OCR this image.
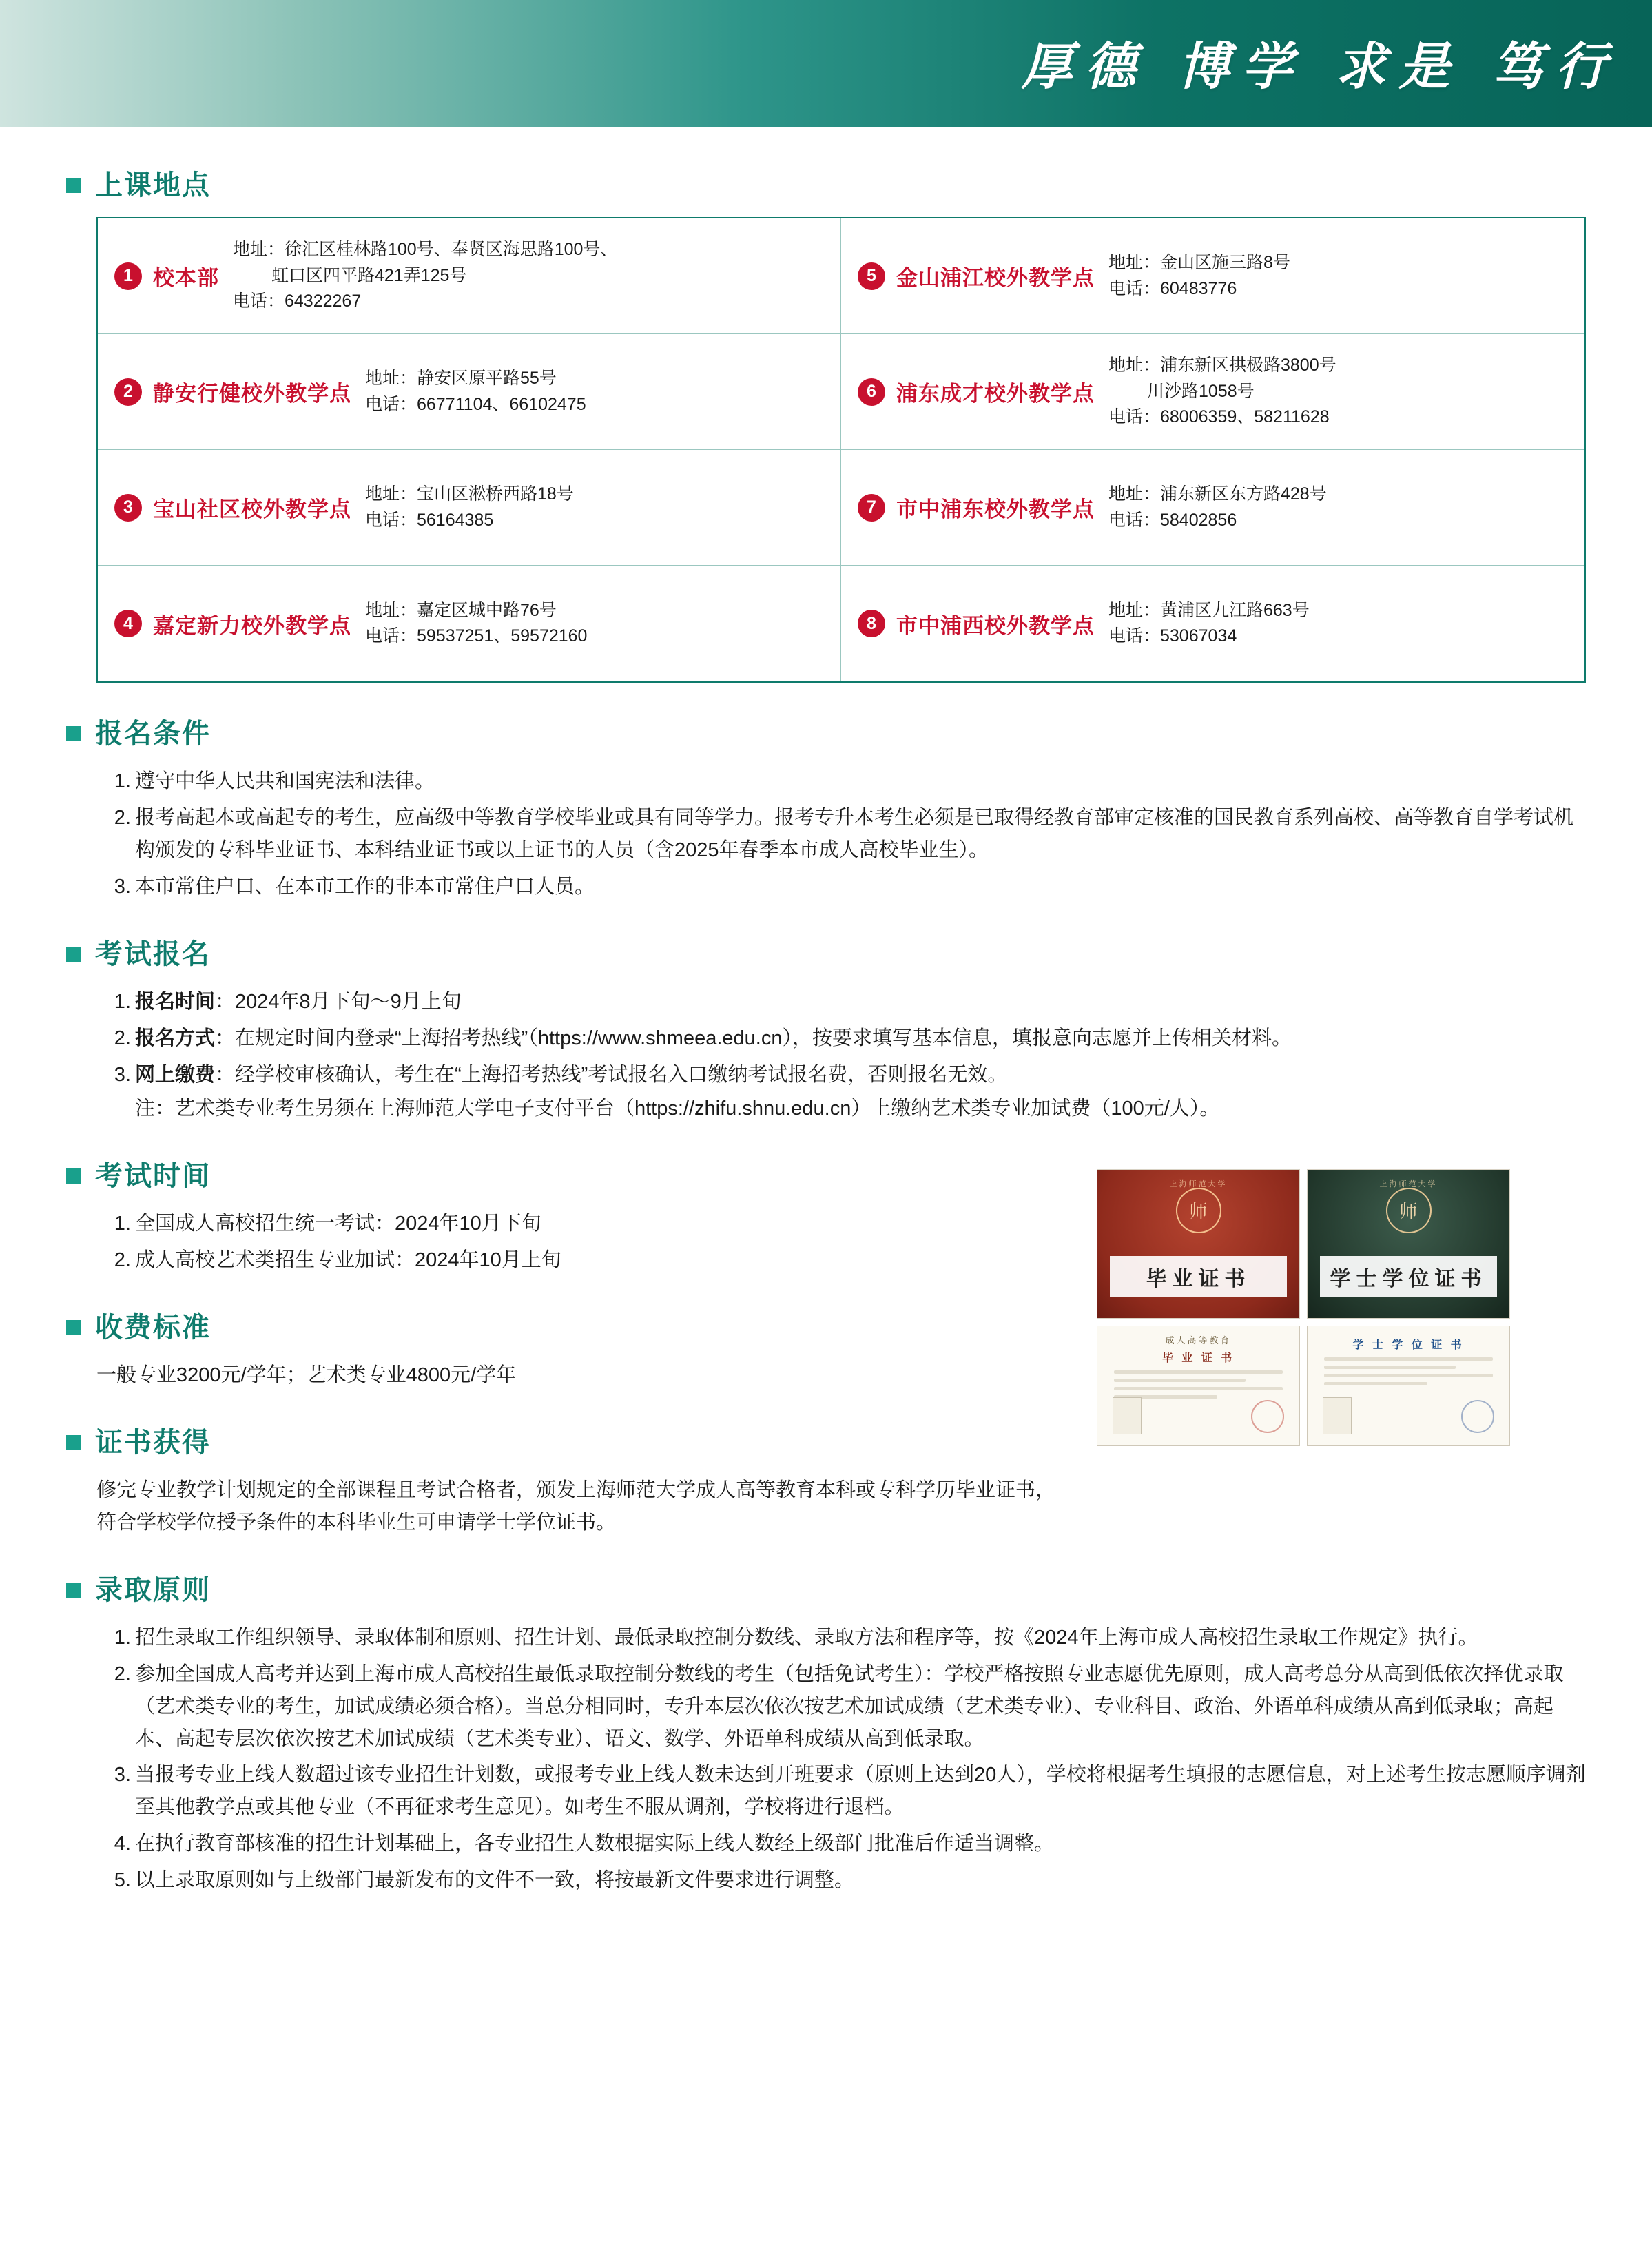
厚德 博学 求是 笃行
上课地点
1 校本部
地址：徐汇区桂林路100号、奉贤区海思路100号、
虹口区四平路421弄125号
电话：64322267
5 金山浦江校外教学点
地址：金山区施三路8号
电话：60483776
2 静安行健校外教学点
地址：静安区原平路55号
电话：66771104、66102475
6 浦东成才校外教学点
地址：浦东新区拱极路3800号
川沙路1058号
电话：68006359、58211628
3 宝山社区校外教学点
地址：宝山区淞桥西路18号
电话：56164385
7 市中浦东校外教学点
地址：浦东新区东方路428号
电话：58402856
4 嘉定新力校外教学点
地址：嘉定区城中路76号
电话：59537251、59572160
8 市中浦西校外教学点
地址：黄浦区九江路663号
电话：53067034
报名条件
遵守中华人民共和国宪法和法律。
报考高起本或高起专的考生，应高级中等教育学校毕业或具有同等学力。报考专升本考生必须是已取得经教育部审定核准的国民教育系列高校、高等教育自学考试机构颁发的专科毕业证书、本科结业证书或以上证书的人员（含2025年春季本市成人高校毕业生）。
本市常住户口、在本市工作的非本市常住户口人员。
考试报名
报名时间：2024年8月下旬～9月上旬
报名方式：在规定时间内登录“上海招考热线”（https://www.shmeea.edu.cn），按要求填写基本信息，填报意向志愿并上传相关材料。
网上缴费：经学校审核确认，考生在“上海招考热线”考试报名入口缴纳考试报名费，否则报名无效。
注：艺术类专业考生另须在上海师范大学电子支付平台（https://zhifu.shnu.edu.cn）上缴纳艺术类专业加试费（100元/人）。
上海师范大学
师
毕业证书
上海师范大学
师
学士学位证书
成人高等教育
毕 业 证 书
学 士 学 位 证 书
考试时间
全国成人高校招生统一考试：2024年10月下旬
成人高校艺术类招生专业加试：2024年10月上旬
收费标准
一般专业3200元/学年；艺术类专业4800元/学年
证书获得
修完专业教学计划规定的全部课程且考试合格者，颁发上海师范大学成人高等教育本科或专科学历毕业证书，符合学校学位授予条件的本科毕业生可申请学士学位证书。
录取原则
招生录取工作组织领导、录取体制和原则、招生计划、最低录取控制分数线、录取方法和程序等，按《2024年上海市成人高校招生录取工作规定》执行。
参加全国成人高考并达到上海市成人高校招生最低录取控制分数线的考生（包括免试考生）：学校严格按照专业志愿优先原则，成人高考总分从高到低依次择优录取（艺术类专业的考生，加试成绩必须合格）。当总分相同时，专升本层次依次按艺术加试成绩（艺术类专业）、专业科目、政治、外语单科成绩从高到低录取；高起本、高起专层次依次按艺术加试成绩（艺术类专业）、语文、数学、外语单科成绩从高到低录取。
当报考专业上线人数超过该专业招生计划数，或报考专业上线人数未达到开班要求（原则上达到20人），学校将根据考生填报的志愿信息，对上述考生按志愿顺序调剂至其他教学点或其他专业（不再征求考生意见）。如考生不服从调剂，学校将进行退档。
在执行教育部核准的招生计划基础上，各专业招生人数根据实际上线人数经上级部门批准后作适当调整。
以上录取原则如与上级部门最新发布的文件不一致，将按最新文件要求进行调整。
